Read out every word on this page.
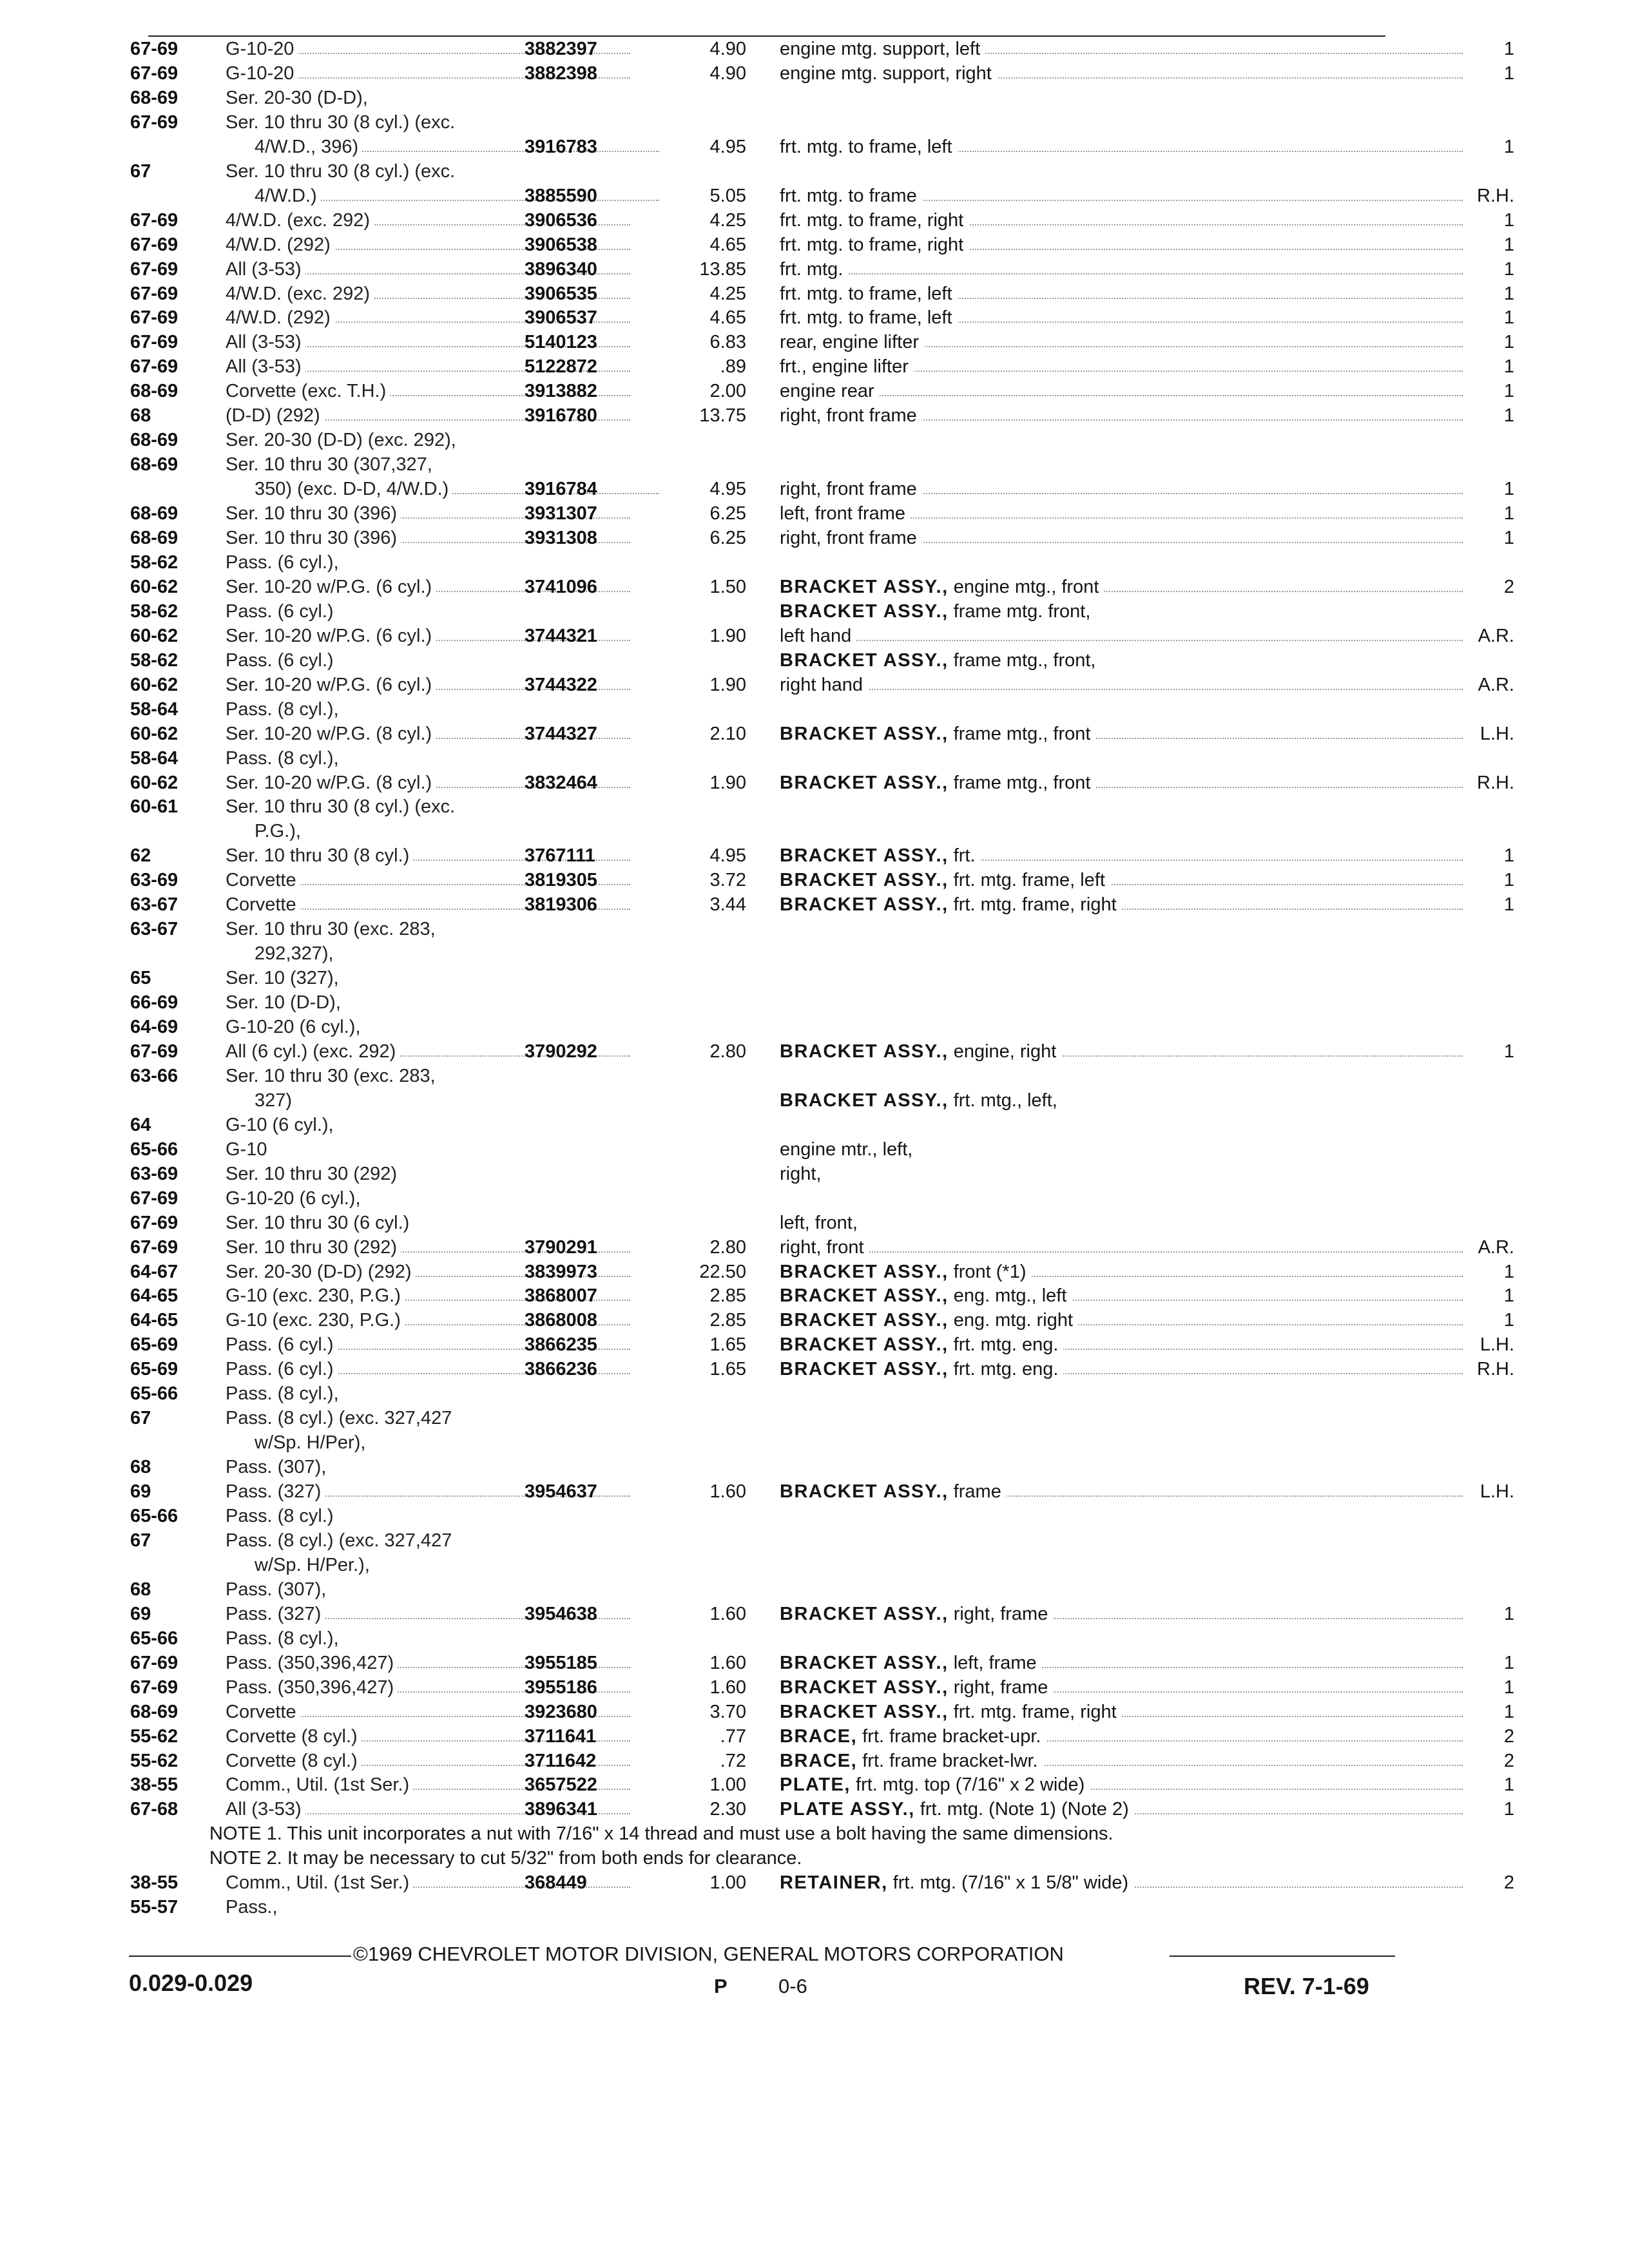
67-69	G-10-20	3882397	4.90 engine mtg. support, left	1
67-69	G-10-20	3882398	4.90 engine mtg. support, right	1
68-69	Ser. 20-30 (D-D),
67-69	Ser. 10 thru 30 (8 cyl.) (exc.
4/W.D., 396)	3916783	4.95 frt. mtg. to frame, left	1
67	Ser. 10 thru 30 (8 cyl.) (exc.
4/W.D.)	3885590	5.05 frt. mtg. to frame	R.H.
67-69	4/W.D. (exc. 292)	3906536	4.25 frt. mtg. to frame, right	1
67-69	4/W.D. (292)	3906538	4.65 frt. mtg. to frame, right	1
67-69	All (3-53)	3896340	13.85 frt. mtg.	1
67-69	4/W.D. (exc. 292)	3906535	4.25 frt. mtg. to frame, left	1
67-69	4/W.D. (292)	3906537	4.65 frt. mtg. to frame, left	1
67-69	All (3-53)	5140123	6.83 rear, engine lifter	1
67-69	All (3-53)	5122872	.89 frt., engine lifter	1
68-69	Corvette (exc. T.H.)	3913882	2.00 engine rear	1
68	(D-D) (292)	3916780	13.75 right, front frame	1
68-69	Ser. 20-30 (D-D) (exc. 292),
68-69	Ser. 10 thru 30 (307,327,
350) (exc. D-D, 4/W.D.)	3916784	4.95 right, front frame	1
68-69	Ser. 10 thru 30 (396)	3931307	6.25 left, front frame	1
68-69	Ser. 10 thru 30 (396)	3931308	6.25 right, front frame	1
58-62	Pass. (6 cyl.),
60-62	Ser. 10-20 w/P.G. (6 cyl.)	3741096	1.50 BRACKET ASSY., engine mtg., front	2
58-62	Pass. (6 cyl.)	BRACKET ASSY., frame mtg. front,
60-62	Ser. 10-20 w/P.G. (6 cyl.)	3744321	1.90 left hand	A.R.
58-62	Pass. (6 cyl.)	BRACKET ASSY., frame mtg., front,
60-62	Ser. 10-20 w/P.G. (6 cyl.)	3744322	1.90 right hand	A.R.
58-64	Pass. (8 cyl.),
60-62	Ser. 10-20 w/P.G. (8 cyl.)	3744327	2.10 BRACKET ASSY., frame mtg., front	L.H.
58-64	Pass. (8 cyl.),
60-62	Ser. 10-20 w/P.G. (8 cyl.)	3832464	1.90 BRACKET ASSY., frame mtg., front	R.H.
60-61	Ser. 10 thru 30 (8 cyl.) (exc.
P.G.),
62	Ser. 10 thru 30 (8 cyl.)	3767111	4.95 BRACKET ASSY., frt.	1
63-69	Corvette	3819305	3.72 BRACKET ASSY., frt. mtg. frame, left	1
63-67	Corvette	3819306	3.44 BRACKET ASSY., frt. mtg. frame, right	1
63-67	Ser. 10 thru 30 (exc. 283,
292,327),
65	Ser. 10 (327),
66-69	Ser. 10 (D-D),
64-69	G-10-20 (6 cyl.),
67-69	All (6 cyl.) (exc. 292)	3790292	2.80 BRACKET ASSY., engine, right	1
63-66	Ser. 10 thru 30 (exc. 283,
327)	BRACKET ASSY., frt. mtg., left,
64	G-10 (6 cyl.),
65-66	G-10	engine mtr., left,
63-69	Ser. 10 thru 30 (292)	right,
67-69	G-10-20 (6 cyl.),
67-69	Ser. 10 thru 30 (6 cyl.)	left, front,
67-69	Ser. 10 thru 30 (292)	3790291	2.80 right, front	A.R.
64-67	Ser. 20-30 (D-D) (292)	3839973	22.50 BRACKET ASSY., front (*1)	1
64-65	G-10 (exc. 230, P.G.)	3868007	2.85 BRACKET ASSY., eng. mtg., left	1
64-65	G-10 (exc. 230, P.G.)	3868008	2.85 BRACKET ASSY., eng. mtg. right	1
65-69	Pass. (6 cyl.)	3866235	1.65 BRACKET ASSY., frt. mtg. eng.	L.H.
65-69	Pass. (6 cyl.)	3866236	1.65 BRACKET ASSY., frt. mtg. eng.	R.H.
65-66	Pass. (8 cyl.),
67	Pass. (8 cyl.) (exc. 327,427
w/Sp. H/Per),
68	Pass. (307),
69	Pass. (327)	3954637	1.60 BRACKET ASSY., frame	L.H.
65-66	Pass. (8 cyl.)
67	Pass. (8 cyl.) (exc. 327,427
w/Sp. H/Per.),
68	Pass. (307),
69	Pass. (327)	3954638	1.60 BRACKET ASSY., right, frame	1
65-66	Pass. (8 cyl.),
67-69	Pass. (350,396,427)	3955185	1.60 BRACKET ASSY., left, frame	1
67-69	Pass. (350,396,427)	3955186	1.60 BRACKET ASSY., right, frame	1
68-69	Corvette	3923680	3.70 BRACKET ASSY., frt. mtg. frame, right	1
55-62	Corvette (8 cyl.)	3711641	.77 BRACE, frt. frame bracket-upr.	2
55-62	Corvette (8 cyl.)	3711642	.72 BRACE, frt. frame bracket-lwr.	2
38-55	Comm., Util. (1st Ser.)	3657522	1.00 PLATE, frt. mtg. top (7/16" x 2 wide)	1
67-68	All (3-53)	3896341	2.30 PLATE ASSY., frt. mtg. (Note 1) (Note 2)	1
NOTE 1. This unit incorporates a nut with 7/16" x 14 thread and must use a bolt having the same dimensions.
NOTE 2. It may be necessary to cut 5/32" from both ends for clearance.
38-55	Comm., Util. (1st Ser.)	368449	1.00 RETAINER, frt. mtg. (7/16" x 1 5/8" wide)	2
55-57	Pass.,
©1969 CHEVROLET MOTOR DIVISION, GENERAL MOTORS CORPORATION
0.029-0.029	P	0-6	REV. 7-1-69
